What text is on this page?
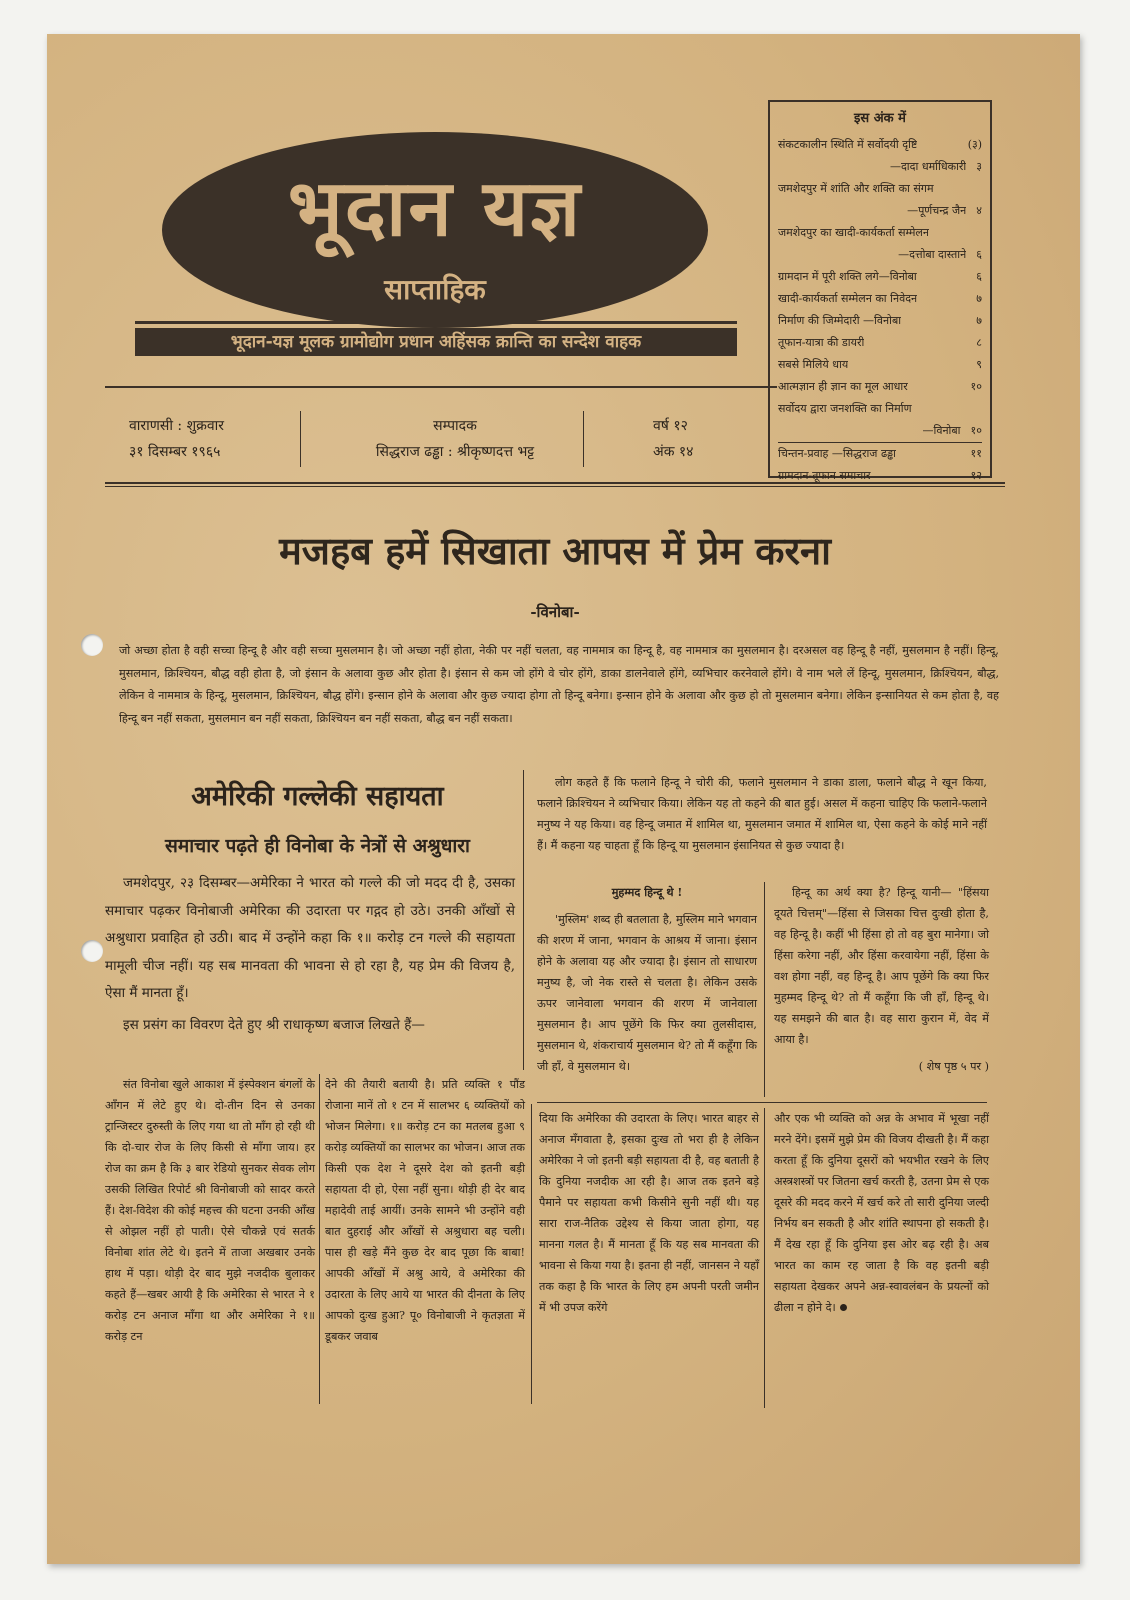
भूदान यज्ञ
साप्ताहिक
भूदान-यज्ञ मूलक ग्रामोद्योग प्रधान अहिंसक क्रान्ति का सन्देश वाहक
इस अंक में
संकटकालीन स्थिति में सर्वोदयी दृष्टि	(३)
—दादा धर्माधिकारी ३
जमशेदपुर में शांति और शक्ति का संगम
—पूर्णचन्द्र जैन ४
जमशेदपुर का खादी-कार्यकर्ता सम्मेलन
—दत्तोबा दास्ताने ६
ग्रामदान में पूरी शक्ति लगे—विनोबा	६
खादी-कार्यकर्ता सम्मेलन का निवेदन	७
निर्माण की जिम्मेदारी —विनोबा	७
तूफान-यात्रा की डायरी	८
सबसे मिलिये धाय	९
आत्मज्ञान ही ज्ञान का मूल आधार	१०
सर्वोदय द्वारा जनशक्ति का निर्माण
—विनोबा १०
चिन्तन-प्रवाह —सिद्धराज ढड्ढा	११
ग्रामदान-तूफान समाचार	१२
वाराणसी : शुक्रवार
३१ दिसम्बर १९६५
सम्पादक
सिद्धराज ढड्ढा : श्रीकृष्णदत्त भट्ट
वर्ष १२
अंक १४
मजहब हमें सिखाता आपस में प्रेम करना
-विनोबा-
जो अच्छा होता है वही सच्चा हिन्दू है और वही सच्चा मुसलमान है। जो अच्छा नहीं होता, नेकी पर नहीं चलता, वह नाममात्र का हिन्दू है, वह नाममात्र का मुसलमान है। दरअसल वह हिन्दू है नहीं, मुसलमान है नहीं। हिन्दू, मुसलमान, क्रिश्चियन, बौद्ध वही होता है, जो इंसान के अलावा कुछ और होता है। इंसान से कम जो होंगे वे चोर होंगे, डाका डालनेवाले होंगे, व्यभिचार करनेवाले होंगे। वे नाम भले लें हिन्दू, मुसलमान, क्रिश्चियन, बौद्ध, लेकिन वे नाममात्र के हिन्दू, मुसलमान, क्रिश्चियन, बौद्ध होंगे। इन्सान होने के अलावा और कुछ ज्यादा होगा तो हिन्दू बनेगा। इन्सान होने के अलावा और कुछ हो तो मुसलमान बनेगा। लेकिन इन्सानियत से कम होता है, वह हिन्दू बन नहीं सकता, मुसलमान बन नहीं सकता, क्रिश्चियन बन नहीं सकता, बौद्ध बन नहीं सकता।
अमेरिकी गल्लेकी सहायता
समाचार पढ़ते ही विनोबा के नेत्रों से अश्रुधारा

जमशेदपुर, २३ दिसम्बर—अमेरिका ने भारत को गल्ले की जो मदद दी है, उसका समाचार पढ़कर विनोबाजी अमेरिका की उदारता पर गद्गद हो उठे। उनकी आँखों से अश्रुधारा प्रवाहित हो उठी। बाद में उन्होंने कहा कि १॥ करोड़ टन गल्ले की सहायता मामूली चीज नहीं। यह सब मानवता की भावना से हो रहा है, यह प्रेम की विजय है, ऐसा मैं मानता हूँ।

इस प्रसंग का विवरण देते हुए श्री राधाकृष्ण बजाज लिखते हैं—

लोग कहते हैं कि फलाने हिन्दू ने चोरी की, फलाने मुसलमान ने डाका डाला, फलाने बौद्ध ने खून किया, फलाने क्रिश्चियन ने व्यभिचार किया। लेकिन यह तो कहने की बात हुई। असल में कहना चाहिए कि फलाने-फलाने मनुष्य ने यह किया। वह हिन्दू जमात में शामिल था, मुसलमान जमात में शामिल था, ऐसा कहने के कोई माने नहीं हैं। मैं कहना यह चाहता हूँ कि हिन्दू या मुसलमान इंसानियत से कुछ ज्यादा है।

मुहम्मद हिन्दू थे !

'मुस्लिम' शब्द ही बतलाता है, मुस्लिम माने भगवान की शरण में जाना, भगवान के आश्रय में जाना। इंसान होने के अलावा यह और ज्यादा है। इंसान तो साधारण मनुष्य है, जो नेक रास्ते से चलता है। लेकिन उसके ऊपर जानेवाला भगवान की शरण में जानेवाला मुसलमान है। आप पूछेंगे कि फिर क्या तुलसीदास, मुसलमान थे, शंकराचार्य मुसलमान थे? तो मैं कहूँगा कि जी हाँ, वे मुसलमान थे।

हिन्दू का अर्थ क्या है? हिन्दू यानी— "हिंसया दूयते चित्तम्"—हिंसा से जिसका चित्त दुःखी होता है, वह हिन्दू है। कहीं भी हिंसा हो तो वह बुरा मानेगा। जो हिंसा करेगा नहीं, और हिंसा करवायेगा नहीं, हिंसा के वश होगा नहीं, वह हिन्दू है। आप पूछेंगे कि क्या फिर मुहम्मद हिन्दू थे? तो मैं कहूँगा कि जी हाँ, हिन्दू थे। यह समझने की बात है। वह सारा कुरान में, वेद में आया है।

( शेष पृष्ठ ५ पर )

संत विनोबा खुले आकाश में इंस्पेक्शन बंगलों के आँगन में लेटे हुए थे। दो-तीन दिन से उनका ट्रान्जिस्टर दुरुस्ती के लिए गया था तो माँग हो रही थी कि दो-चार रोज के लिए किसी से माँगा जाय। हर रोज का क्रम है कि ३ बार रेडियो सुनकर सेवक लोग उसकी लिखित रिपोर्ट श्री विनोबाजी को सादर करते हैं। देश-विदेश की कोई महत्त्व की घटना उनकी आँख से ओझल नहीं हो पाती। ऐसे चौकन्ने एवं सतर्क विनोबा शांत लेटे थे। इतने में ताजा अखबार उनके हाथ में पड़ा। थोड़ी देर बाद मुझे नजदीक बुलाकर कहते हैं—खबर आयी है कि अमेरिका से भारत ने १ करोड़ टन अनाज माँगा था और अमेरिका ने १॥ करोड़ टन

देने की तैयारी बतायी है। प्रति व्यक्ति १ पौंड रोजाना मानें तो १ टन में सालभर ६ व्यक्तियों को भोजन मिलेगा। १॥ करोड़ टन का मतलब हुआ ९ करोड़ व्यक्तियों का सालभर का भोजन। आज तक किसी एक देश ने दूसरे देश को इतनी बड़ी सहायता दी हो, ऐसा नहीं सुना। थोड़ी ही देर बाद महादेवी ताई आयीं। उनके सामने भी उन्होंने वही बात दुहराई और आँखों से अश्रुधारा बह चली। पास ही खड़े मैंने कुछ देर बाद पूछा कि बाबा! आपकी आँखों में अश्रु आये, वे अमेरिका की उदारता के लिए आये या भारत की दीनता के लिए आपको दुःख हुआ? पू० विनोबाजी ने कृतज्ञता में डूबकर जवाब

दिया कि अमेरिका की उदारता के लिए। भारत बाहर से अनाज मँगवाता है, इसका दुःख तो भरा ही है लेकिन अमेरिका ने जो इतनी बड़ी सहायता दी है, वह बताती है कि दुनिया नजदीक आ रही है। आज तक इतने बड़े पैमाने पर सहायता कभी किसीने सुनी नहीं थी। यह सारा राज-नैतिक उद्देश्य से किया जाता होगा, यह मानना गलत है। मैं मानता हूँ कि यह सब मानवता की भावना से किया गया है। इतना ही नहीं, जानसन ने यहाँ तक कहा है कि भारत के लिए हम अपनी परती जमीन में भी उपज करेंगे

और एक भी व्यक्ति को अन्न के अभाव में भूखा नहीं मरने देंगे। इसमें मुझे प्रेम की विजय दीखती है। मैं कहा करता हूँ कि दुनिया दूसरों को भयभीत रखने के लिए अस्त्रशस्त्रों पर जितना खर्च करती है, उतना प्रेम से एक दूसरे की मदद करने में खर्च करे तो सारी दुनिया जल्दी निर्भय बन सकती है और शांति स्थापना हो सकती है। मैं देख रहा हूँ कि दुनिया इस ओर बढ़ रही है। अब भारत का काम रह जाता है कि वह इतनी बड़ी सहायता देखकर अपने अन्न-स्वावलंबन के प्रयत्नों को ढीला न होने दे।
